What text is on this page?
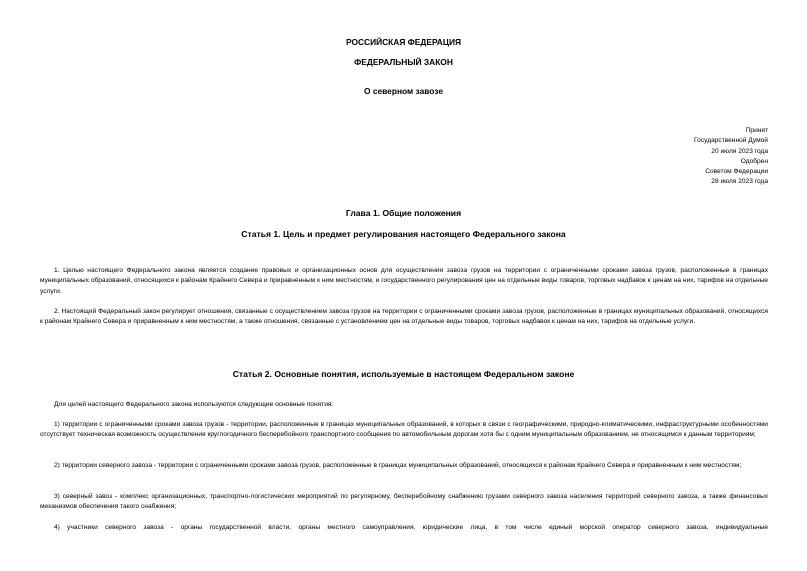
РОССИЙСКАЯ ФЕДЕРАЦИЯ
ФЕДЕРАЛЬНЫЙ ЗАКОН
О северном завозе
Принят
Государственной Думой
20 июля 2023 года
Одобрен
Советом Федерации
28 июля 2023 года
Глава 1. Общие положения
Статья 1. Цель и предмет регулирования настоящего Федерального закона
1. Целью настоящего Федерального закона является создание правовых и организационных основ для осуществления завоза грузов на территории с ограниченными сроками завоза грузов, расположенные в границах муниципальных образований, относящихся к районам Крайнего Севера и приравненным к ним местностям, и государственного регулирования цен на отдельные виды товаров, торговых надбавок к ценам на них, тарифов на отдельные услуги.
2. Настоящий Федеральный закон регулирует отношения, связанные с осуществлением завоза грузов на территории с ограниченными сроками завоза грузов, расположенные в границах муниципальных образований, относящихся к районам Крайнего Севера и приравненным к ним местностям, а также отношения, связанные с установлением цен на отдельные виды товаров, торговых надбавок к ценам на них, тарифов на отдельные услуги.
Статья 2. Основные понятия, используемые в настоящем Федеральном законе
Для целей настоящего Федерального закона используются следующие основные понятия:
1) территории с ограниченными сроками завоза грузов - территории, расположенные в границах муниципальных образований, в которых в связи с географическими, природно-климатическими, инфраструктурными особенностями отсутствует техническая возможность осуществления круглогодичного бесперебойного транспортного сообщения по автомобильным дорогам хотя бы с одним муниципальным образованием, не относящимся к данным территориям;
2) территории северного завоза - территории с ограниченными сроками завоза грузов, расположенные в границах муниципальных образований, относящихся к районам Крайнего Севера и приравненным к ним местностям;
3) северный завоз - комплекс организационных, транспортно-логистических мероприятий по регулярному, бесперебойному снабжению грузами северного завоза населения территорий северного завоза, а также финансовых механизмов обеспечения такого снабжения;
4) участники северного завоза - органы государственной власти, органы местного самоуправления, юридические лица, в том числе единый морской оператор северного завоза, индивидуальные
